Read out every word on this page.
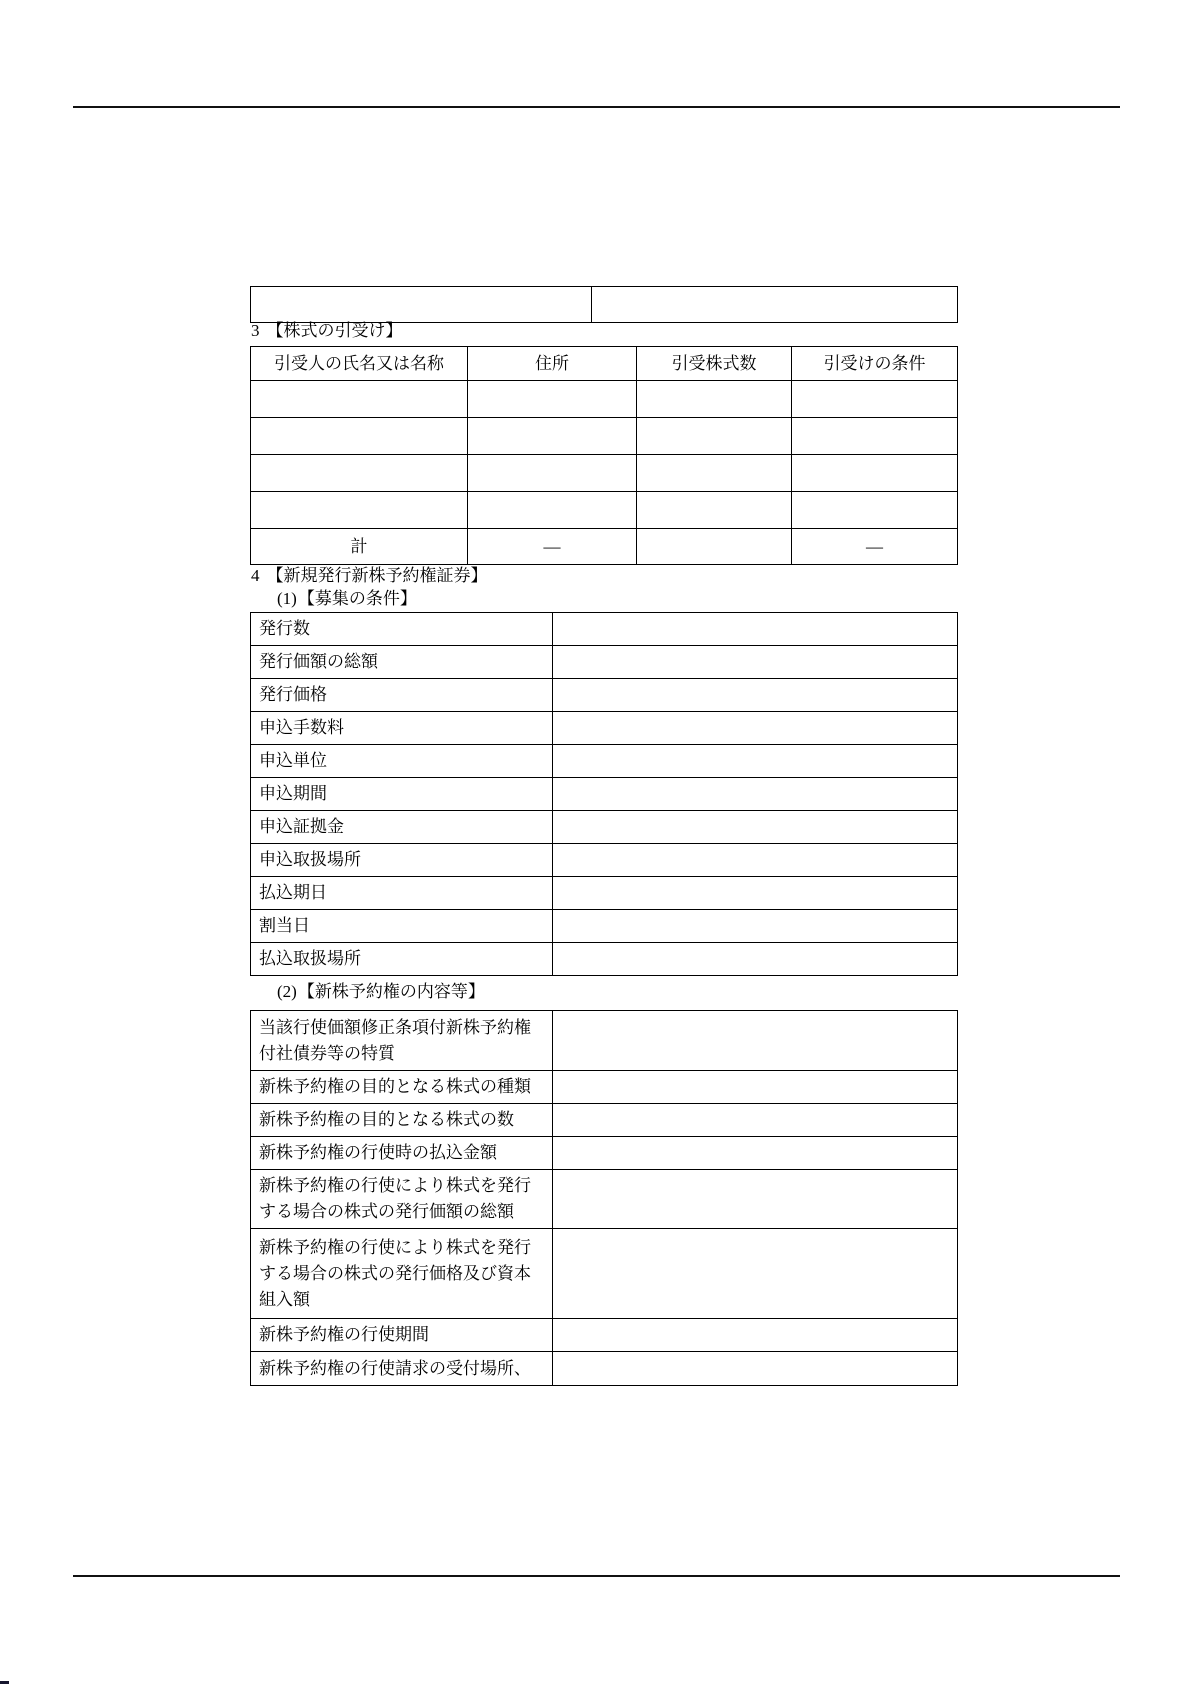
3 【株式の引受け】
引受人の氏名又は名称	住所	引受株式数	引受けの条件

計	―		―
4 【新規発行新株予約権証券】
(1)【募集の条件】
発行数	
発行価額の総額	
発行価格	
申込手数料	
申込単位	
申込期間	
申込証拠金	
申込取扱場所	
払込期日	
割当日	
払込取扱場所	
(2)【新株予約権の内容等】
当該行使価額修正条項付新株予約権付社債券等の特質	
新株予約権の目的となる株式の種類	
新株予約権の目的となる株式の数	
新株予約権の行使時の払込金額	
新株予約権の行使により株式を発行する場合の株式の発行価額の総額	
新株予約権の行使により株式を発行する場合の株式の発行価格及び資本組入額	
新株予約権の行使期間	
新株予約権の行使請求の受付場所、	
